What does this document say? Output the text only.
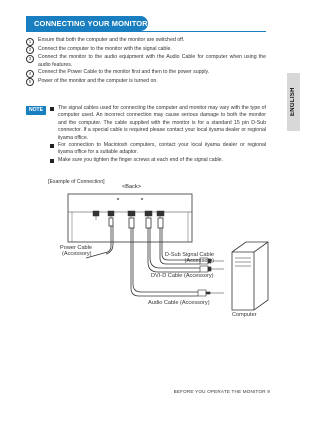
CONNECTING YOUR MONITOR
ENGLISH
1	Ensure that both the computer and the monitor are switched off.
2	Connect the computer to the monitor with the signal cable.
3	Connect the monitor to the audio equipment with the Audio Cable for computer when using the audio features.
4	Connect the Power Cable to the monitor first and then to the power supply.
5	Power of the monitor and the computer is turned on.
NOTE	The signal cables used for connecting the computer and monitor may vary with the type of computer used. An incorrect connection may cause serious damage to both the monitor and the computer. The cable supplied with the monitor is for a standard 15 pin D-Sub connector. If a special cable is required please contact your local iiyama dealer or regional iiyama office.
For connection to Macintosh computers, contact your local iiyama dealer or regional iiyama office for a suitable adaptor.
Make sure you tighten the finger screws at each end of the signal cable.
[Example of Connection]
<Back>
Power Cable
(Accessory)	D-Sub Signal Cable
(Accessory)
DVI-D Cable (Accessory)
Audio Cable (Accessory)
Computer
BEFORE YOU OPERATE THE MONITOR 9
